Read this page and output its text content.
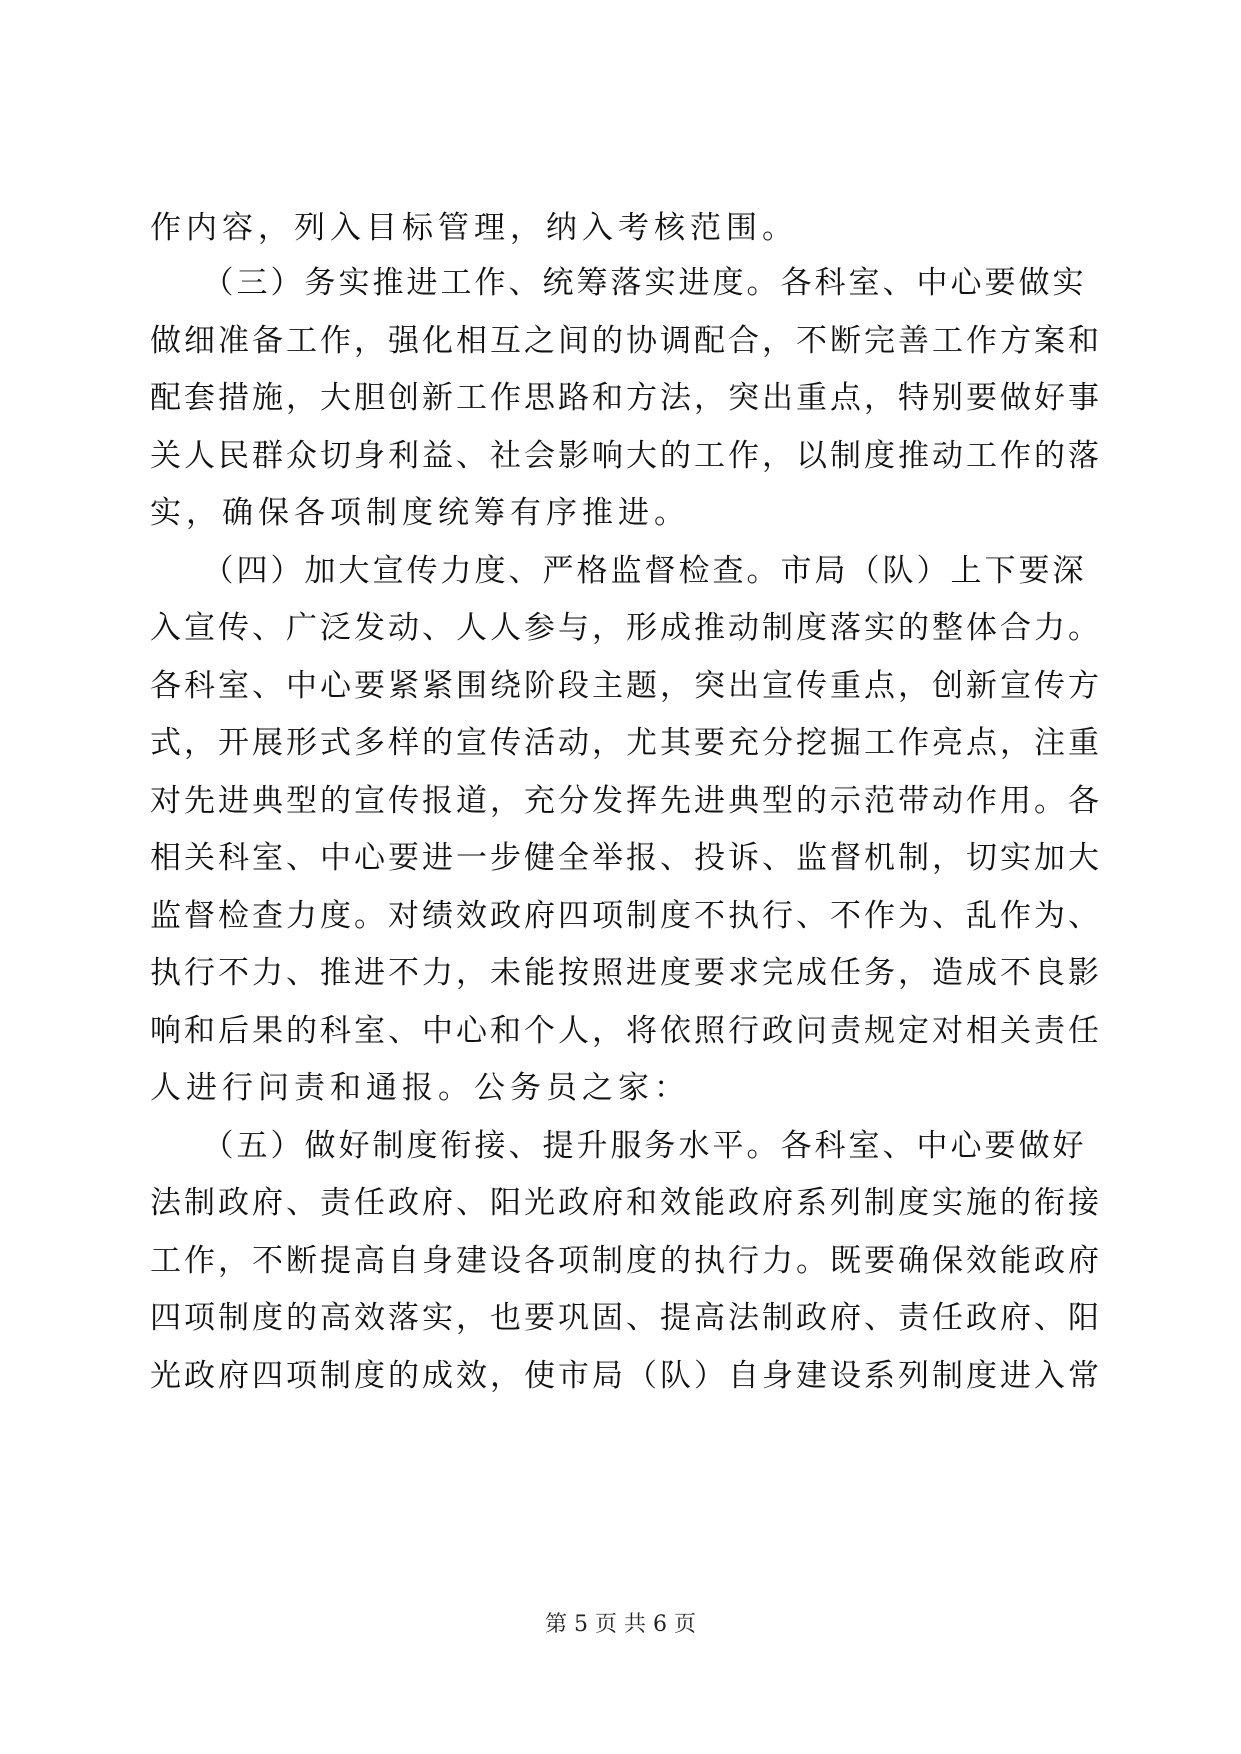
作内容，列入目标管理，纳入考核范围。
　　（三）务实推进工作、统筹落实进度。各科室、中心要做实
做细准备工作，强化相互之间的协调配合，不断完善工作方案和
配套措施，大胆创新工作思路和方法，突出重点，特别要做好事
关人民群众切身利益、社会影响大的工作，以制度推动工作的落
实，确保各项制度统筹有序推进。
　　（四）加大宣传力度、严格监督检查。市局（队）上下要深
入宣传、广泛发动、人人参与，形成推动制度落实的整体合力。
各科室、中心要紧紧围绕阶段主题，突出宣传重点，创新宣传方
式，开展形式多样的宣传活动，尤其要充分挖掘工作亮点，注重
对先进典型的宣传报道，充分发挥先进典型的示范带动作用。各
相关科室、中心要进一步健全举报、投诉、监督机制，切实加大
监督检查力度。对绩效政府四项制度不执行、不作为、乱作为、
执行不力、推进不力，未能按照进度要求完成任务，造成不良影
响和后果的科室、中心和个人，将依照行政问责规定对相关责任
人进行问责和通报。公务员之家：
　　（五）做好制度衔接、提升服务水平。各科室、中心要做好
法制政府、责任政府、阳光政府和效能政府系列制度实施的衔接
工作，不断提高自身建设各项制度的执行力。既要确保效能政府
四项制度的高效落实，也要巩固、提高法制政府、责任政府、阳
光政府四项制度的成效，使市局（队）自身建设系列制度进入常
第 5 页 共 6 页
